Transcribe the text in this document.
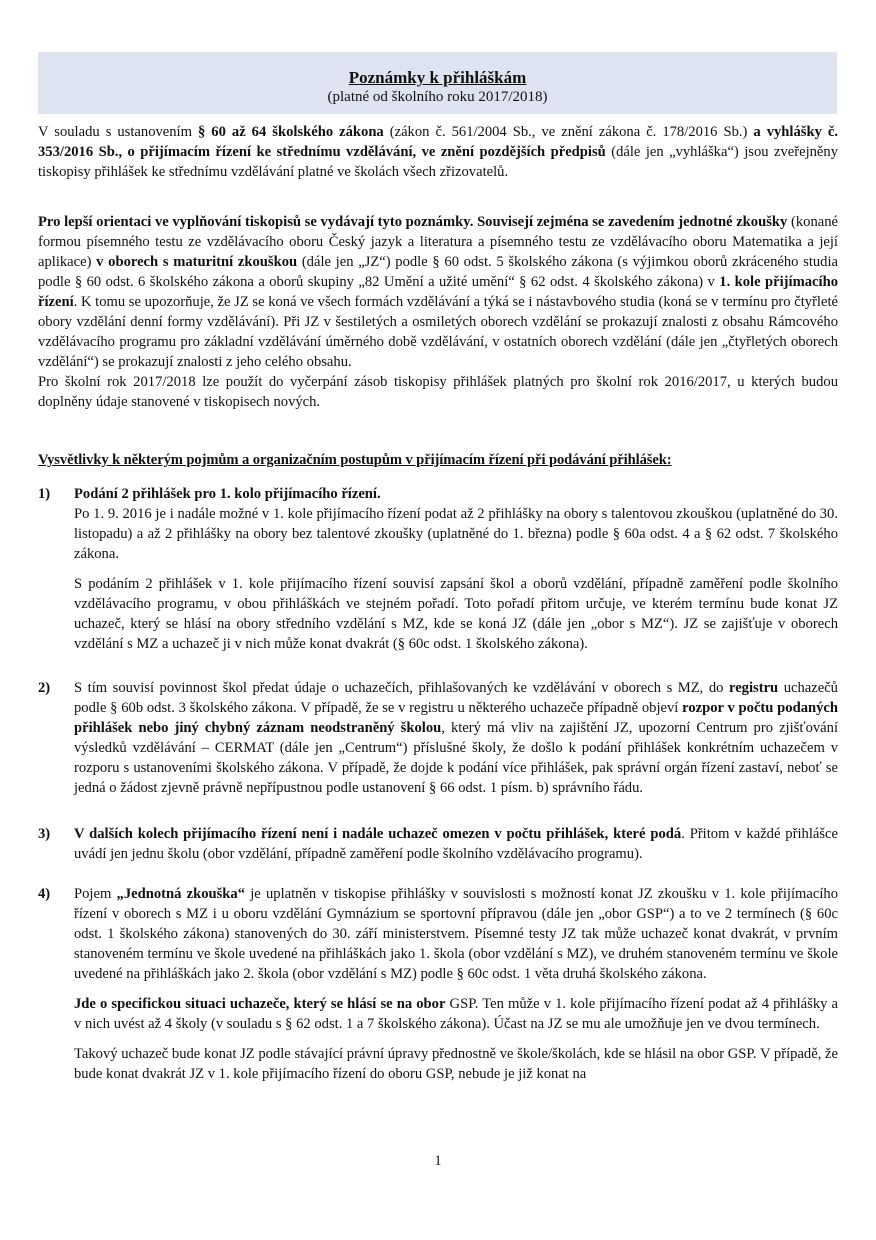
Poznámky k přihláškám
(platné od školního roku 2017/2018)
V souladu s ustanovením § 60 až 64 školského zákona (zákon č. 561/2004 Sb., ve znění zákona č. 178/2016 Sb.) a vyhlášky č. 353/2016 Sb., o přijímacím řízení ke střednímu vzdělávání, ve znění pozdějších předpisů (dále jen „vyhláška“) jsou zveřejněny tiskopisy přihlášek ke střednímu vzdělávání platné ve školách všech zřizovatelů.
Pro lepší orientaci ve vyplňování tiskopisů se vydávají tyto poznámky. Souvisejí zejména se zavedením jednotné zkoušky (konané formou písemného testu ze vzdělávacího oboru Český jazyk a literatura a písemného testu ze vzdělávacího oboru Matematika a její aplikace) v oborech s maturitní zkouškou (dále jen „JZ“) podle § 60 odst. 5 školského zákona (s výjimkou oborů zkráceného studia podle § 60 odst. 6 školského zákona a oborů skupiny „82 Umění a užité umění“ § 62 odst. 4 školského zákona) v 1. kole přijímacího řízení. K tomu se upozorňuje, že JZ se koná ve všech formách vzdělávání a týká se i nástavbového studia (koná se v termínu pro čtyřleté obory vzdělání denní formy vzdělávání). Při JZ v šestiletých a osmiletých oborech vzdělání se prokazují znalosti z obsahu Rámcového vzdělávacího programu pro základní vzdělávání úměrného době vzdělávání, v ostatních oborech vzdělání (dále jen „čtyřletých oborech vzdělání“) se prokazují znalosti z jeho celého obsahu.
Pro školní rok 2017/2018 lze použít do vyčerpání zásob tiskopisy přihlášek platných pro školní rok 2016/2017, u kterých budou doplněny údaje stanovené v tiskopisech nových.
Vysvětlivky k některým pojmům a organizačním postupům v přijímacím řízení při podávání přihlášek:
1)	Podání 2 přihlášek pro 1. kolo přijímacího řízení.
Po 1. 9. 2016 je i nadále možné v 1. kole přijímacího řízení podat až 2 přihlášky na obory s talentovou zkouškou (uplatněné do 30. listopadu) a až 2 přihlášky na obory bez talentové zkoušky (uplatněné do 1. března) podle § 60a odst. 4 a § 62 odst. 7 školského zákona.

S podáním 2 přihlášek v 1. kole přijímacího řízení souvisí zapsání škol a oborů vzdělání, případně zaměření podle školního vzdělávacího programu, v obou přihláškách ve stejném pořadí. Toto pořadí přitom určuje, ve kterém termínu bude konat JZ uchazeč, který se hlásí na obory středního vzdělání s MZ, kde se koná JZ (dále jen „obor s MZ“). JZ se zajišťuje v oborech vzdělání s MZ a uchazeč ji v nich může konat dvakrát (§ 60c odst. 1 školského zákona).

2)	S tím souvisí povinnost škol předat údaje o uchazečích, přihlašovaných ke vzdělávání v oborech s MZ, do registru uchazečů podle § 60b odst. 3 školského zákona. V případě, že se v registru u některého uchazeče případně objeví rozpor v počtu podaných přihlášek nebo jiný chybný záznam neodstraněný školou, který má vliv na zajištění JZ, upozorní Centrum pro zjišťování výsledků vzdělávání – CERMAT (dále jen „Centrum“) příslušné školy, že došlo k podání přihlášek konkrétním uchazečem v rozporu s ustanoveními školského zákona. V případě, že dojde k podání více přihlášek, pak správní orgán řízení zastaví, neboť se jedná o žádost zjevně právně nepřípustnou podle ustanovení § 66 odst. 1 písm. b) správního řádu.

3)	V dalších kolech přijímacího řízení není i nadále uchazeč omezen v počtu přihlášek, které podá. Přitom v každé přihlášce uvádí jen jednu školu (obor vzdělání, případně zaměření podle školního vzdělávacího programu).

4)	Pojem „Jednotná zkouška“ je uplatněn v tiskopise přihlášky v souvislosti s možností konat JZ zkoušku v 1. kole přijímacího řízení v oborech s MZ i u oboru vzdělání Gymnázium se sportovní přípravou (dále jen „obor GSP“) a to ve 2 termínech (§ 60c odst. 1 školského zákona) stanovených do 30. září ministerstvem. Písemné testy JZ tak může uchazeč konat dvakrát, v prvním stanoveném termínu ve škole uvedené na přihláškách jako 1. škola (obor vzdělání s MZ), ve druhém stanoveném termínu ve škole uvedené na přihláškách jako 2. škola (obor vzdělání s MZ) podle § 60c odst. 1 věta druhá školského zákona.

Jde o specifickou situaci uchazeče, který se hlásí se na obor GSP. Ten může v 1. kole přijímacího řízení podat až 4 přihlášky a v nich uvést až 4 školy (v souladu s § 62 odst. 1 a 7 školského zákona). Účast na JZ se mu ale umožňuje jen ve dvou termínech.

Takový uchazeč bude konat JZ podle stávající právní úpravy přednostně ve škole/školách, kde se hlásil na obor GSP. V případě, že bude konat dvakrát JZ v 1. kole přijímacího řízení do oboru GSP, nebude je již konat na

1
